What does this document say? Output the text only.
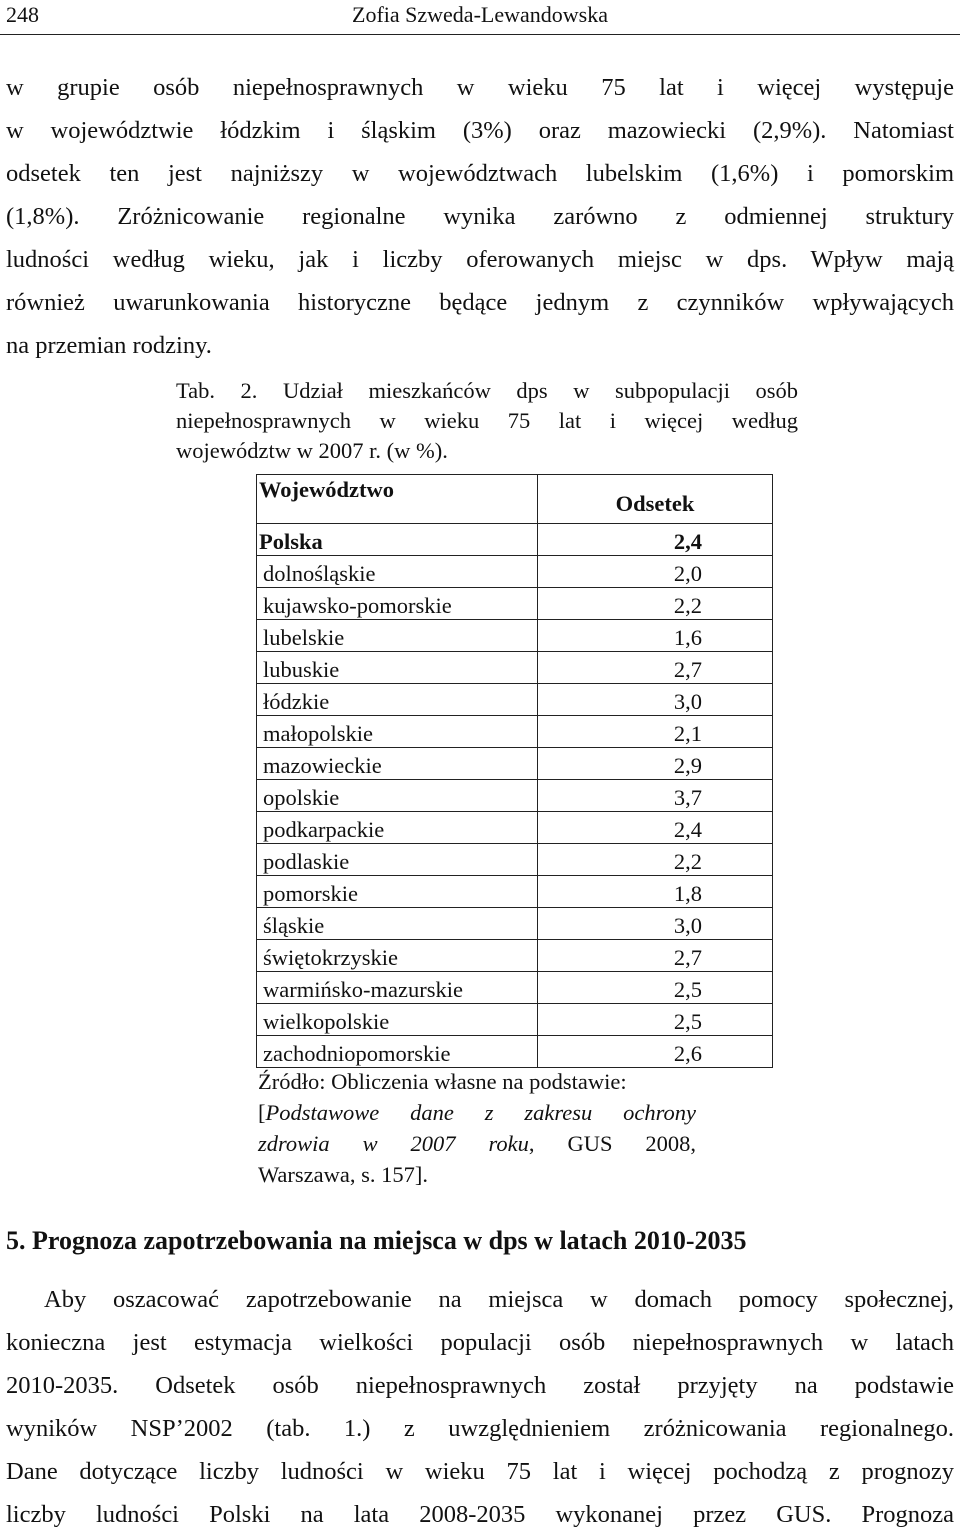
248	Zofia Szweda-Lewandowska
w grupie osób niepełnosprawnych w wieku 75 lat i więcej występuje
w województwie łódzkim i śląskim (3%) oraz mazowiecki (2,9%). Natomiast
odsetek ten jest najniższy w województwach lubelskim (1,6%) i pomorskim
(1,8%). Zróżnicowanie regionalne wynika zarówno z odmiennej struktury
ludności według wieku, jak i liczby oferowanych miejsc w dps. Wpływ mają
również uwarunkowania historyczne będące jednym z czynników wpływających
na przemian rodziny.
Tab. 2. Udział mieszkańców dps w subpopulacji osób
niepełnosprawnych w wieku 75 lat i więcej według
województw w 2007 r. (w %).
Województwo	Odsetek
Polska	2,4
dolnośląskie	2,0
kujawsko-pomorskie	2,2
lubelskie	1,6
lubuskie	2,7
łódzkie	3,0
małopolskie	2,1
mazowieckie	2,9
opolskie	3,7
podkarpackie	2,4
podlaskie	2,2
pomorskie	1,8
śląskie	3,0
świętokrzyskie	2,7
warmińsko-mazurskie	2,5
wielkopolskie	2,5
zachodniopomorskie	2,6
Źródło: Obliczenia własne na podstawie:
[Podstawowe dane z zakresu ochrony
zdrowia w 2007 roku, GUS 2008,
Warszawa, s. 157].
5. Prognoza zapotrzebowania na miejsca w dps w latach 2010-2035
Aby oszacować zapotrzebowanie na miejsca w domach pomocy społecznej,
konieczna jest estymacja wielkości populacji osób niepełnosprawnych w latach
2010-2035. Odsetek osób niepełnosprawnych został przyjęty na podstawie
wyników NSP’2002 (tab. 1.) z uwzględnieniem zróżnicowania regionalnego.
Dane dotyczące liczby ludności w wieku 75 lat i więcej pochodzą z prognozy
liczby ludności Polski na lata 2008-2035 wykonanej przez GUS. Prognoza
